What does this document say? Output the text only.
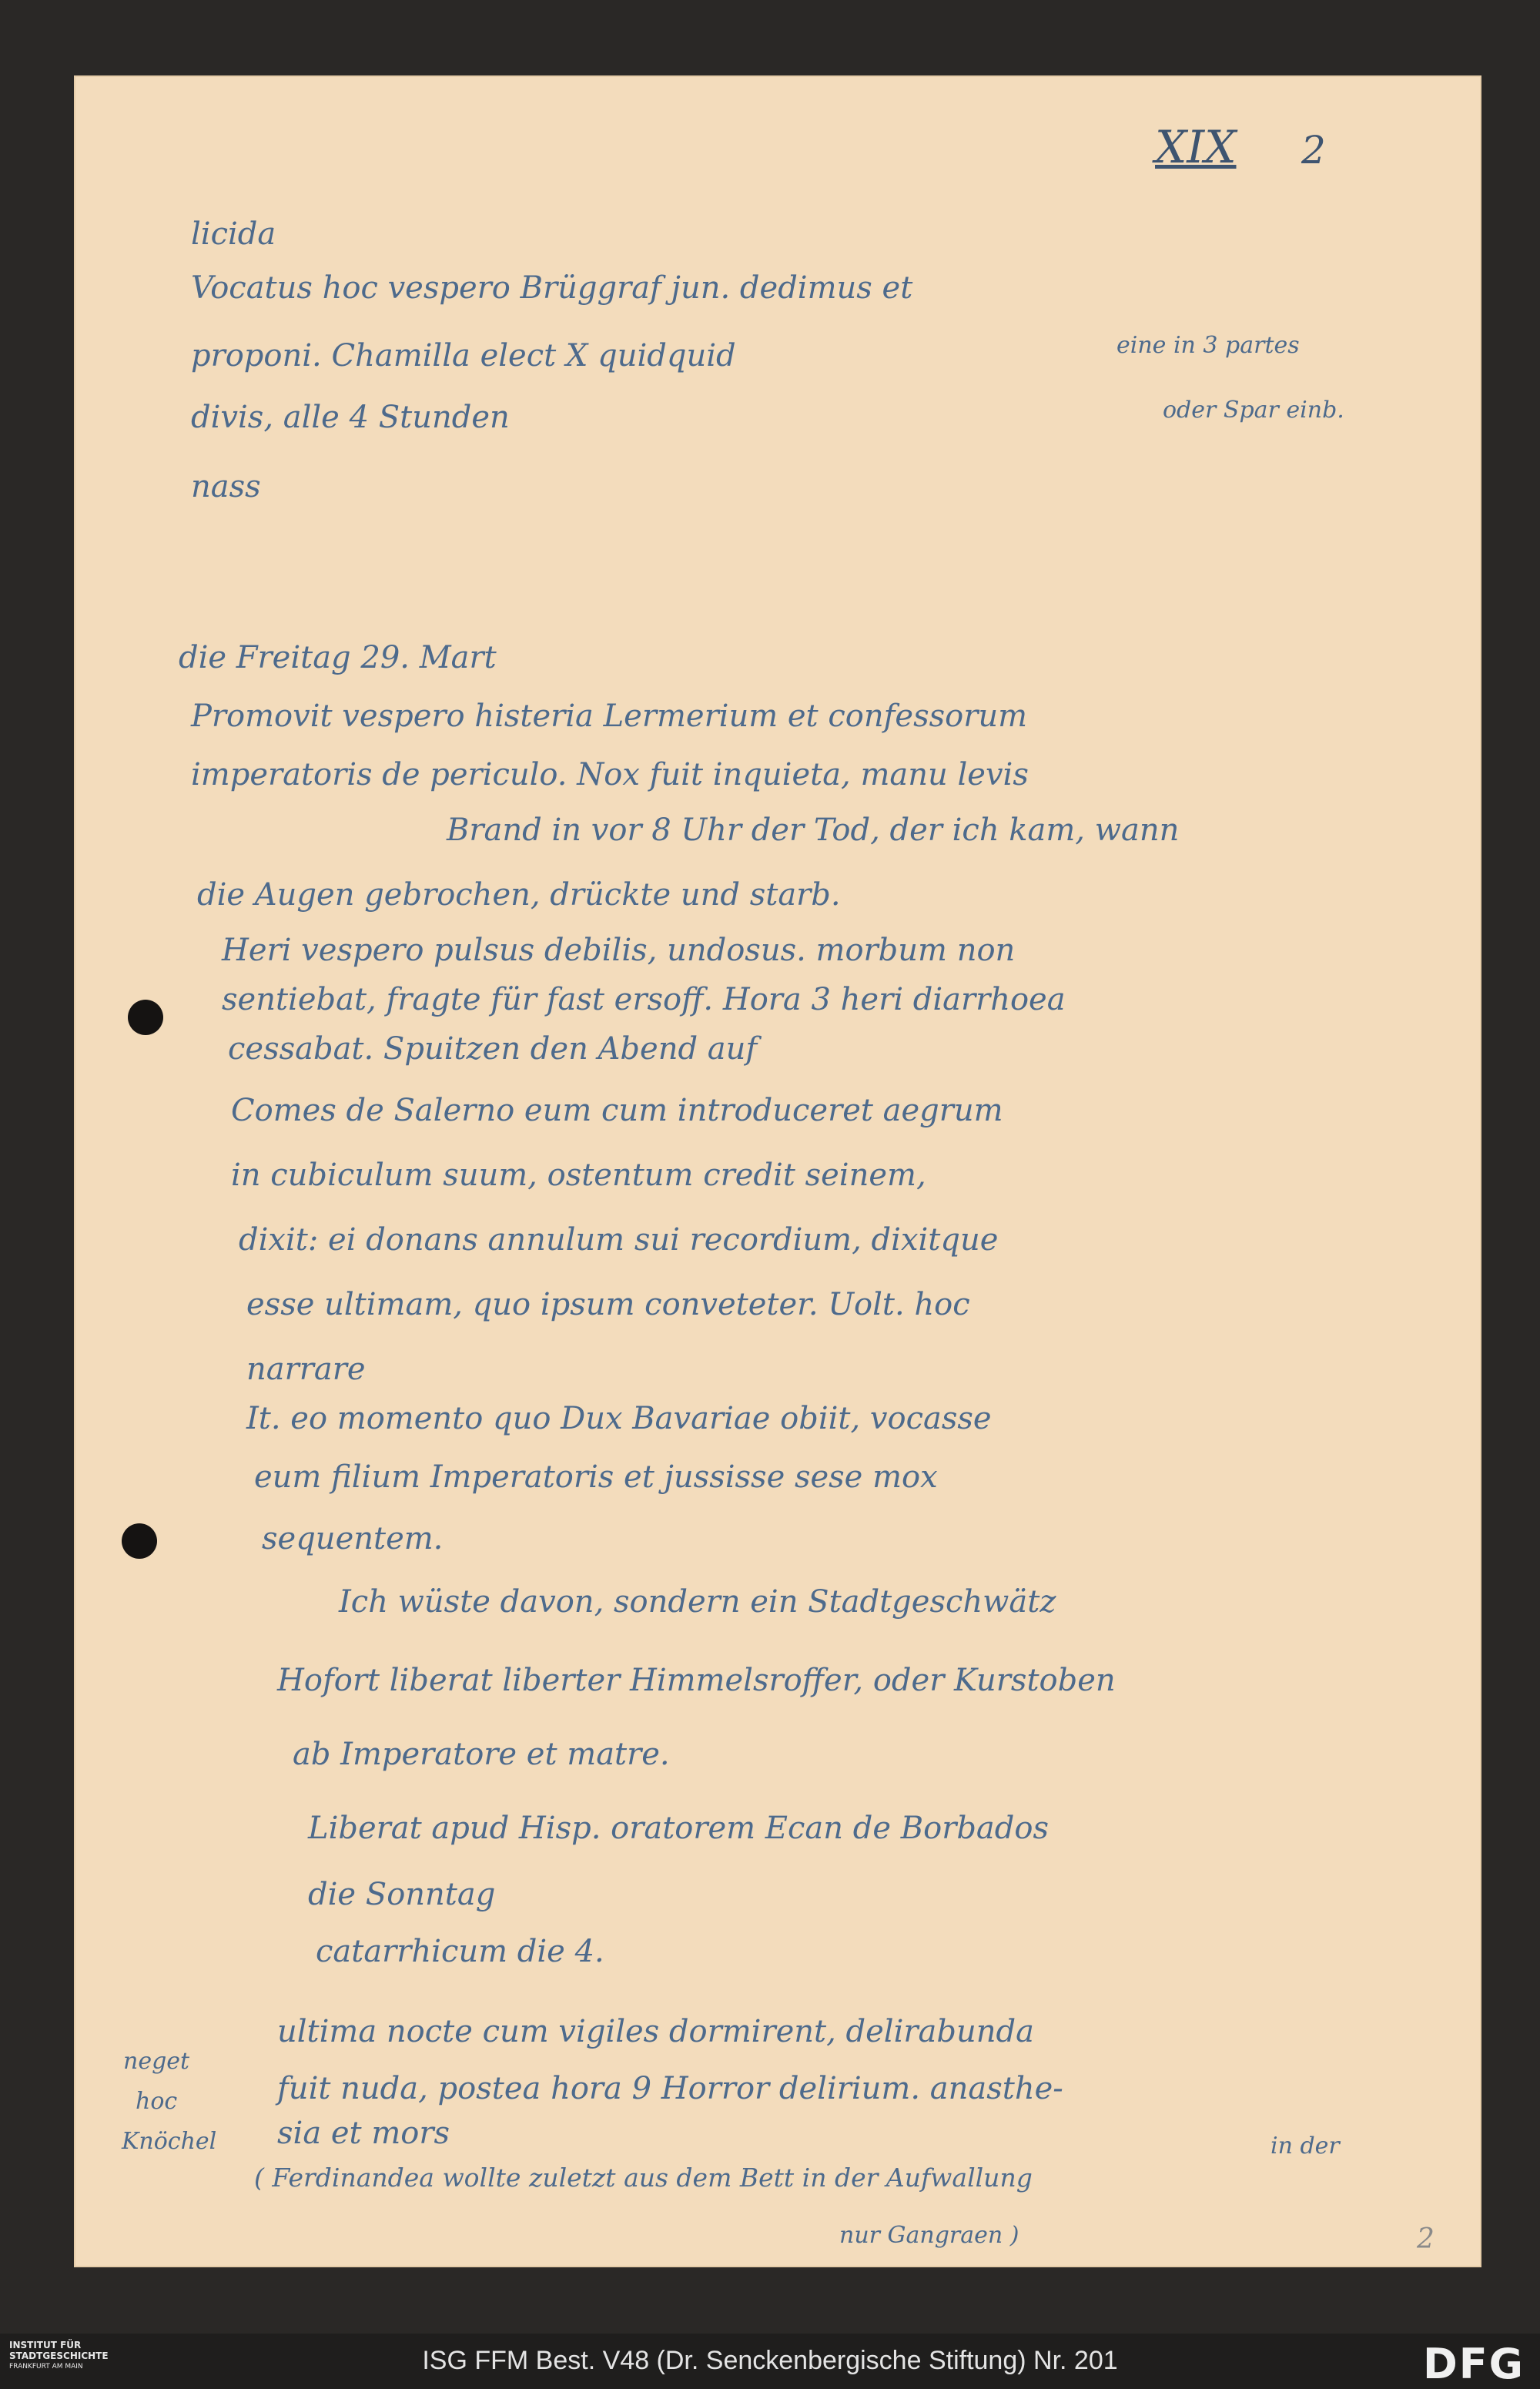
XIX 2
licida
Vocatus hoc vespero Brüggraf jun. dedimus et
proponi. Chamilla elect X quidquid
divis, alle 4 Stunden
nass
eine in 3 partes
oder Spar einb.
die Freitag 29. Mart
Promovit vespero histeria Lermerium et confessorum
imperatoris de periculo. Nox fuit inquieta, manu levis
Brand in vor 8 Uhr der Tod, der ich kam, wann
die Augen gebrochen, drückte und starb.
Heri vespero pulsus debilis, undosus. morbum non
sentiebat, fragte für fast ersoff. Hora 3 heri diarrhoea
cessabat. Spuitzen den Abend auf
Comes de Salerno eum cum introduceret aegrum
in cubiculum suum, ostentum credit seinem,
dixit: ei donans annulum sui recordium, dixitque
esse ultimam, quo ipsum conveteter. Uolt. hoc
narrare
It. eo momento quo Dux Bavariae obiit, vocasse
eum filium Imperatoris et jussisse sese mox
sequentem.
Ich wüste davon, sondern ein Stadtgeschwätz
Hofort liberat liberter Himmelsroffer, oder Kurstoben
ab Imperatore et matre.
Liberat apud Hisp. oratorem Ecan de Borbados
die Sonntag
catarrhicum die 4.
ultima nocte cum vigiles dormirent, delirabunda
fuit nuda, postea hora 9 Horror delirium. anasthe-
sia et mors
( Ferdinandea wollte zuletzt aus dem Bett in der Aufwallung
in der
nur Gangraen )
neget
hoc
Knöchel
2
INSTITUT FÜR
STADTGESCHICHTE
FRANKFURT AM MAIN	ISG FFM Best. V48 (Dr. Senckenbergische Stiftung) Nr. 201	DFG
